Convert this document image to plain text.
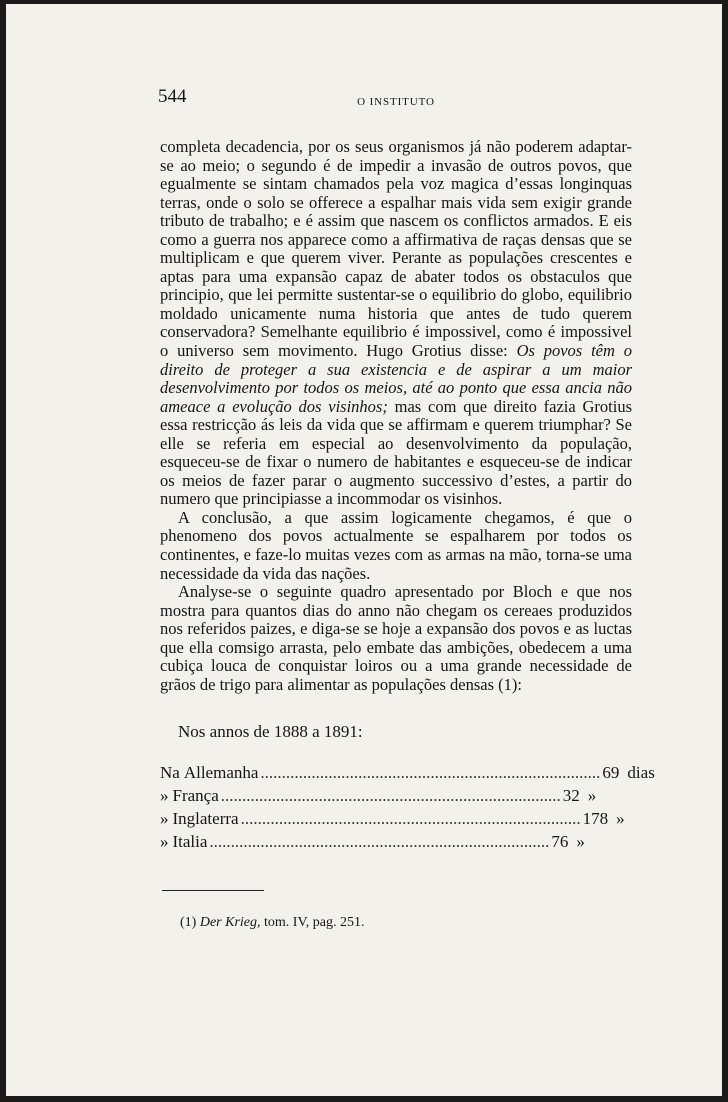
544	O INSTITUTO

completa decadencia, por os seus organismos já não poderem adaptar-se ao meio; o segundo é de impedir a invasão de outros povos, que egualmente se sintam chamados pela voz magica d’essas longinquas terras, onde o solo se offerece a espalhar mais vida sem exigir grande tributo de trabalho; e é assim que nascem os conflictos armados. E eis como a guerra nos apparece como a affirmativa de raças densas que se multiplicam e que querem viver. Perante as populações crescentes e aptas para uma expansão capaz de abater todos os obstaculos que principio, que lei permitte sustentar-se o equilibrio do globo, equilibrio moldado unicamente numa historia que antes de tudo querem conservadora? Semelhante equilibrio é impossivel, como é impossivel o universo sem movimento. Hugo Grotius disse: Os povos têm o direito de proteger a sua existencia e de aspirar a um maior desenvolvimento por todos os meios, até ao ponto que essa ancia não ameace a evolução dos visinhos; mas com que direito fazia Grotius essa restricção ás leis da vida que se affirmam e querem triumphar? Se elle se referia em especial ao desenvolvimento da população, esqueceu-se de fixar o numero de habitantes e esqueceu-se de indicar os meios de fazer parar o augmento successivo d’estes, a partir do numero que principiasse a incommodar os visinhos.

A conclusão, a que assim logicamente chegamos, é que o phenomeno dos povos actualmente se espalharem por todos os continentes, e faze-lo muitas vezes com as armas na mão, torna-se uma necessidade da vida das nações.

Analyse-se o seguinte quadro apresentado por Bloch e que nos mostra para quantos dias do anno não chegam os cereaes produzidos nos referidos paizes, e diga-se se hoje a expansão dos povos e as luctas que ella comsigo arrasta, pelo embate das ambições, obedecem a uma cubiça louca de conquistar loiros ou a uma grande necessidade de grãos de trigo para alimentar as populações densas (1):

Nos annos de 1888 a 1891:
Na Allemanha ................................................................................ 69 dias
» França ................................................................................ 32 »
» Inglaterra ................................................................................ 178 »
» Italia ................................................................................ 76 »
(1) Der Krieg, tom. IV, pag. 251.
